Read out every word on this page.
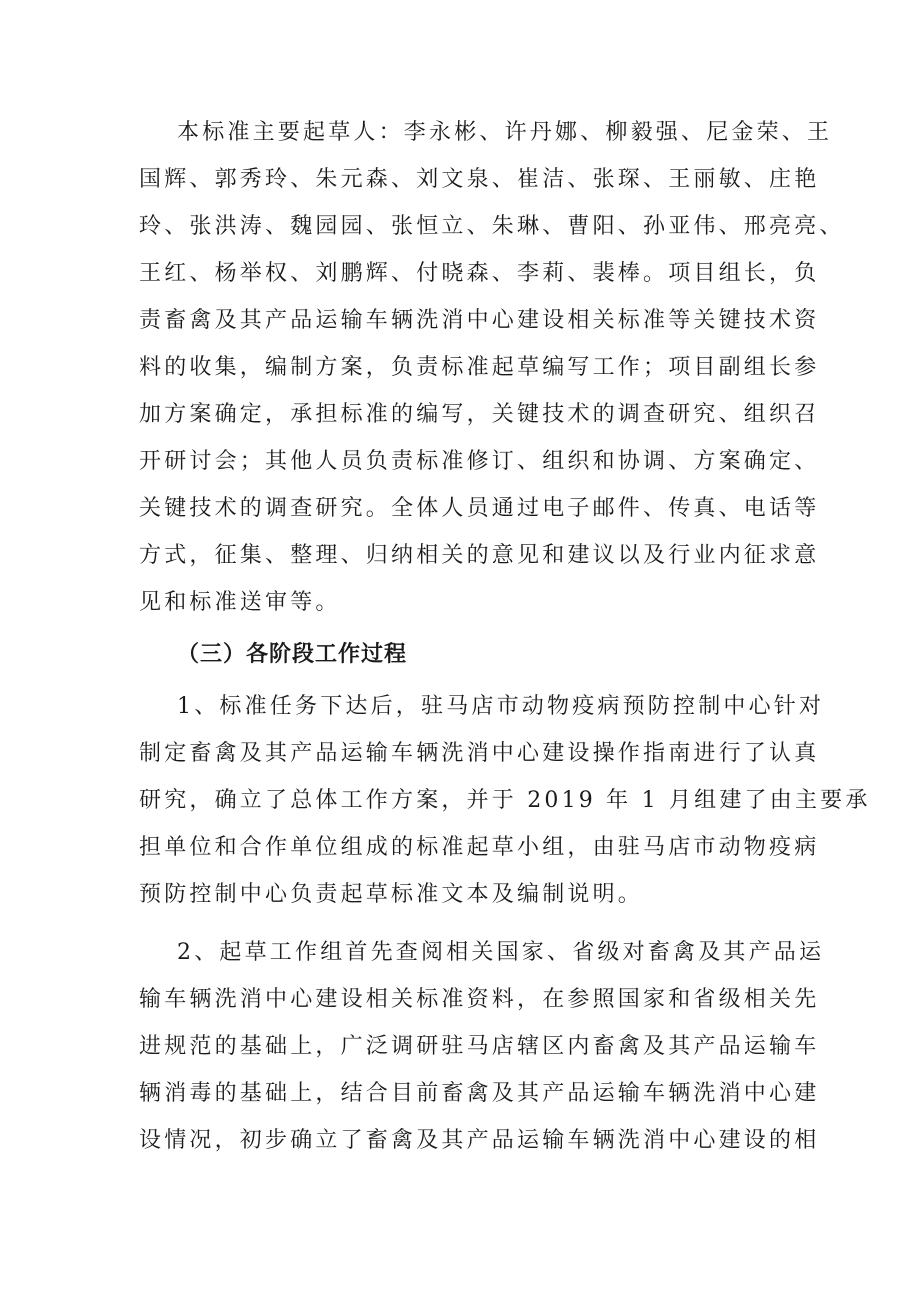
本标准主要起草人：李永彬、许丹娜、柳毅强、尼金荣、王
国辉、郭秀玲、朱元森、刘文泉、崔洁、张琛、王丽敏、庄艳
玲、张洪涛、魏园园、张恒立、朱琳、曹阳、孙亚伟、邢亮亮、
王红、杨举权、刘鹏辉、付晓森、李莉、裴棒。项目组长，负
责畜禽及其产品运输车辆洗消中心建设相关标准等关键技术资
料的收集，编制方案，负责标准起草编写工作；项目副组长参
加方案确定，承担标准的编写，关键技术的调查研究、组织召
开研讨会；其他人员负责标准修订、组织和协调、方案确定、
关键技术的调查研究。全体人员通过电子邮件、传真、电话等
方式，征集、整理、归纳相关的意见和建议以及行业内征求意
见和标准送审等。
（三）各阶段工作过程
1、标准任务下达后，驻马店市动物疫病预防控制中心针对
制定畜禽及其产品运输车辆洗消中心建设操作指南进行了认真
研究，确立了总体工作方案，并于 2019 年 1 月组建了由主要承
担单位和合作单位组成的标准起草小组，由驻马店市动物疫病
预防控制中心负责起草标准文本及编制说明。
2、起草工作组首先查阅相关国家、省级对畜禽及其产品运
输车辆洗消中心建设相关标准资料，在参照国家和省级相关先
进规范的基础上，广泛调研驻马店辖区内畜禽及其产品运输车
辆消毒的基础上，结合目前畜禽及其产品运输车辆洗消中心建
设情况，初步确立了畜禽及其产品运输车辆洗消中心建设的相
